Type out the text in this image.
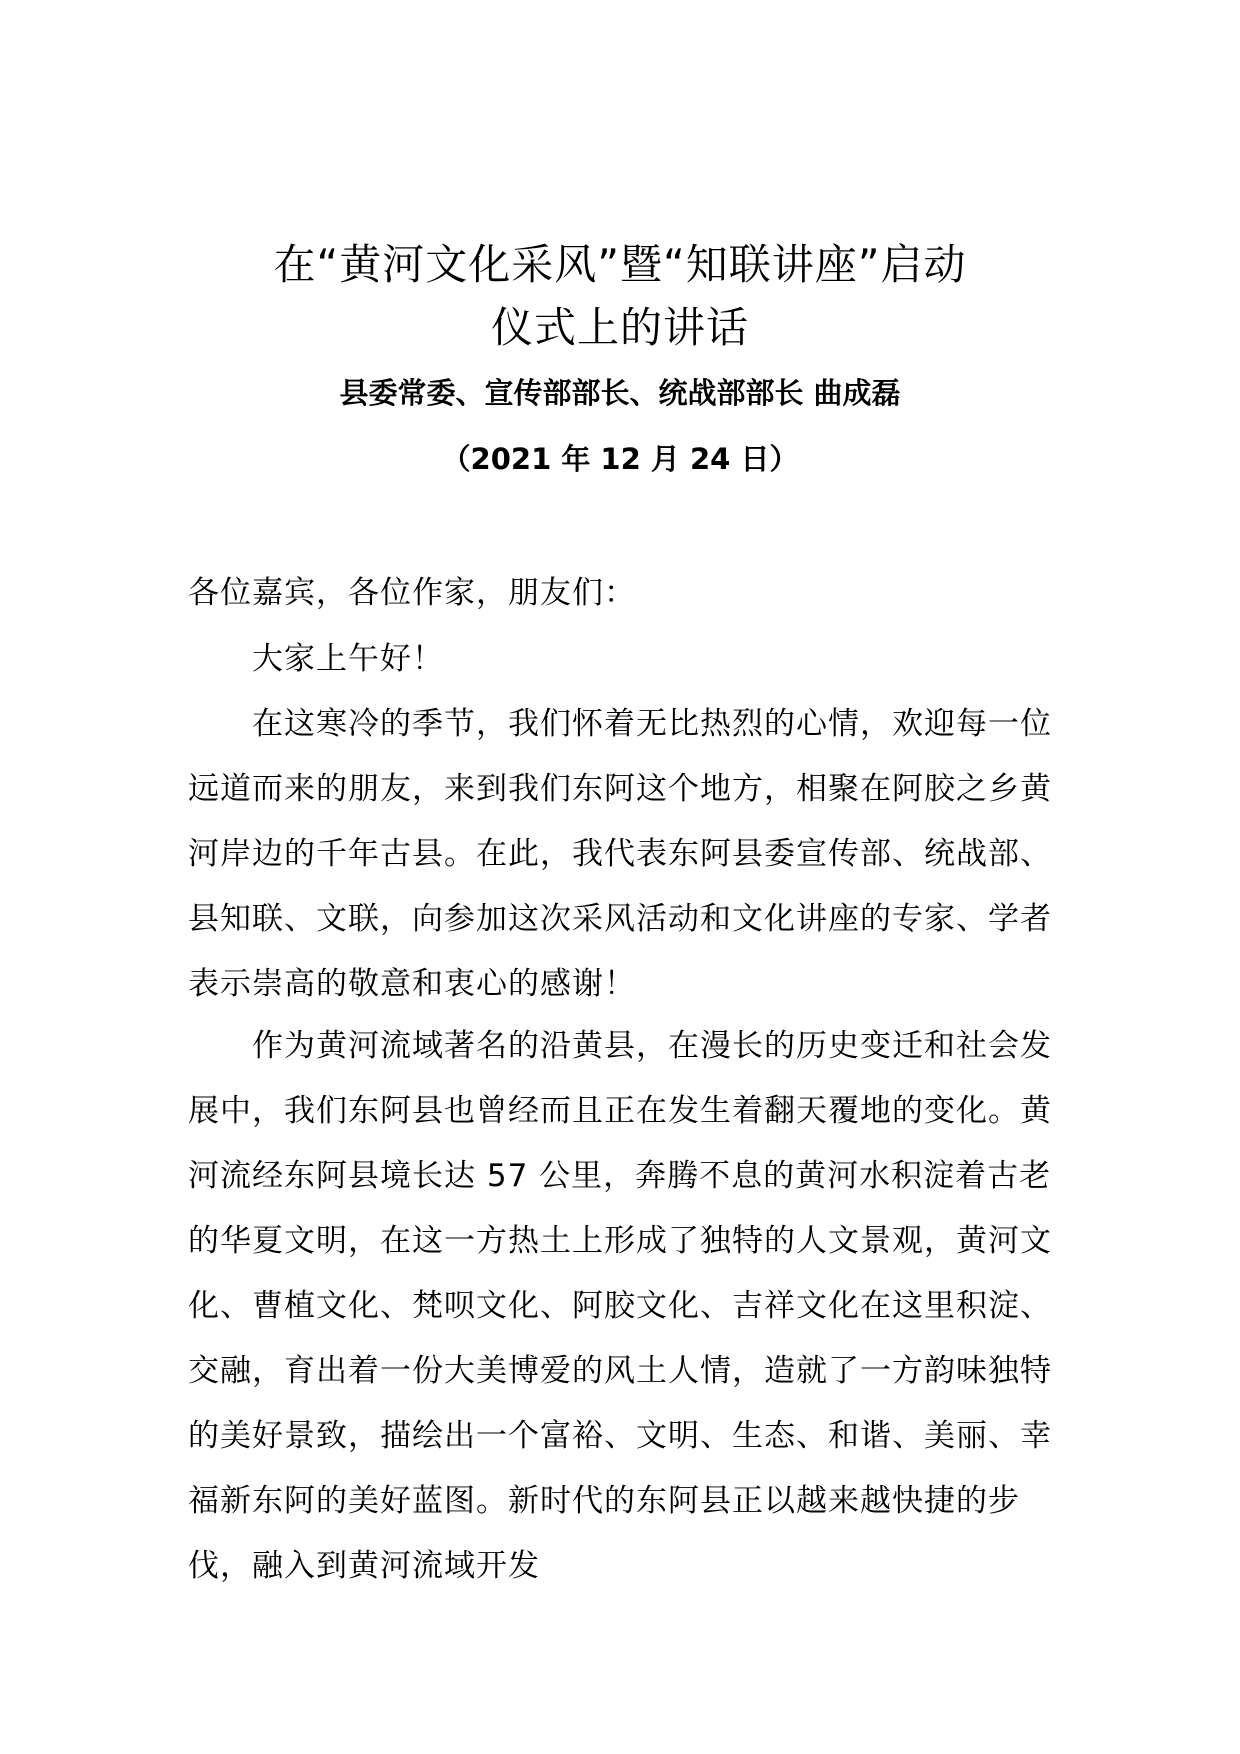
在“黄河文化采风”暨“知联讲座”启动
仪式上的讲话
县委常委、宣传部部长、统战部部长 曲成磊
（2021 年 12 月 24 日）
各位嘉宾，各位作家，朋友们：
大家上午好！
在这寒冷的季节，我们怀着无比热烈的心情，欢迎每一位远道而来的朋友，来到我们东阿这个地方，相聚在阿胶之乡黄河岸边的千年古县。在此，我代表东阿县委宣传部、统战部、县知联、文联，向参加这次采风活动和文化讲座的专家、学者表示崇高的敬意和衷心的感谢！
作为黄河流域著名的沿黄县，在漫长的历史变迁和社会发展中，我们东阿县也曾经而且正在发生着翻天覆地的变化。黄河流经东阿县境长达 57 公里，奔腾不息的黄河水积淀着古老的华夏文明，在这一方热土上形成了独特的人文景观，黄河文化、曹植文化、梵呗文化、阿胶文化、吉祥文化在这里积淀、交融，育出着一份大美博爱的风土人情，造就了一方韵味独特的美好景致，描绘出一个富裕、文明、生态、和谐、美丽、幸福新东阿的美好蓝图。新时代的东阿县正以越来越快捷的步伐，融入到黄河流域开发
